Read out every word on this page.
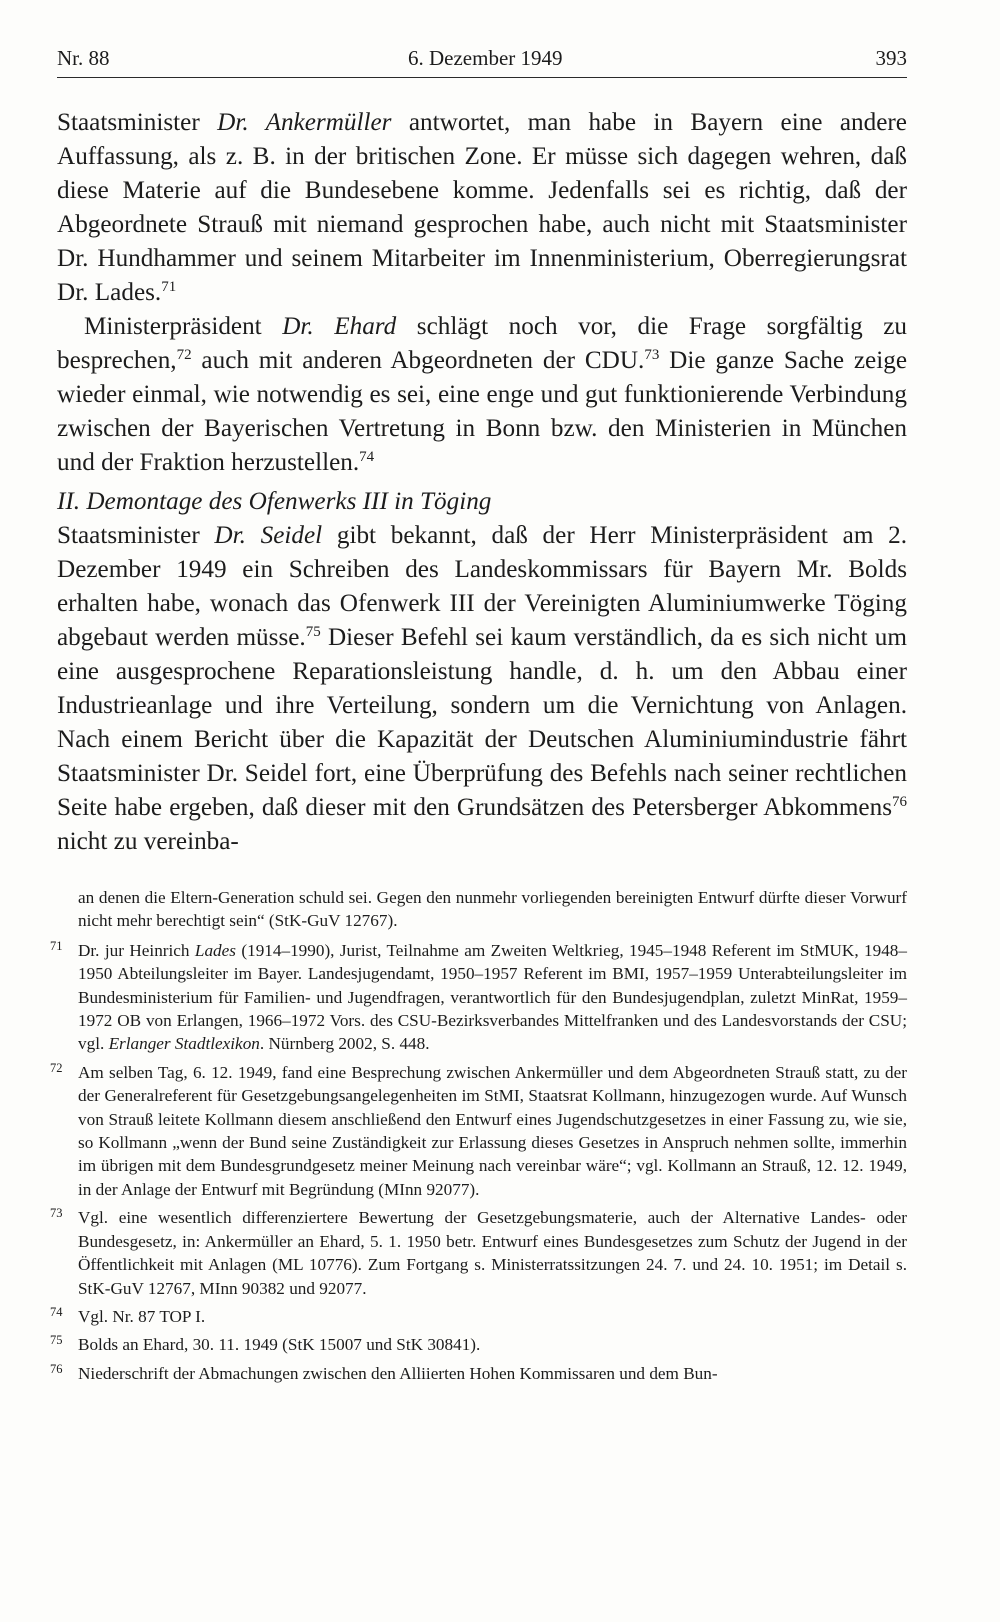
Nr. 88	6. Dezember 1949	393

Staatsminister Dr. Ankermüller antwortet, man habe in Bayern eine andere Auffassung, als z. B. in der britischen Zone. Er müsse sich dagegen wehren, daß diese Materie auf die Bundesebene komme. Jedenfalls sei es richtig, daß der Abgeordnete Strauß mit niemand gesprochen habe, auch nicht mit Staatsminister Dr. Hundhammer und seinem Mitarbeiter im Innenministerium, Oberregierungsrat Dr. Lades.$^{71}$

Ministerpräsident Dr. Ehard schlägt noch vor, die Frage sorgfältig zu besprechen,$^{72}$ auch mit anderen Abgeordneten der CDU.$^{73}$ Die ganze Sache zeige wieder einmal, wie notwendig es sei, eine enge und gut funktionierende Verbindung zwischen der Bayerischen Vertretung in Bonn bzw. den Ministerien in München und der Fraktion herzustellen.$^{74}$

II. Demontage des Ofenwerks III in Töging

Staatsminister Dr. Seidel gibt bekannt, daß der Herr Ministerpräsident am 2. Dezember 1949 ein Schreiben des Landeskommissars für Bayern Mr. Bolds erhalten habe, wonach das Ofenwerk III der Vereinigten Aluminiumwerke Töging abgebaut werden müsse.$^{75}$ Dieser Befehl sei kaum verständlich, da es sich nicht um eine ausgesprochene Reparationsleistung handle, d. h. um den Abbau einer Industrieanlage und ihre Verteilung, sondern um die Vernichtung von Anlagen. Nach einem Bericht über die Kapazität der Deutschen Aluminiumindustrie fährt Staatsminister Dr. Seidel fort, eine Überprüfung des Befehls nach seiner rechtlichen Seite habe ergeben, daß dieser mit den Grundsätzen des Petersberger Abkommens$^{76}$ nicht zu vereinba-

an denen die Eltern-Generation schuld sei. Gegen den nunmehr vorliegenden bereinigten Entwurf dürfte dieser Vorwurf nicht mehr berechtigt sein“ (StK-GuV 12767).
71 Dr. jur Heinrich Lades (1914–1990), Jurist, Teilnahme am Zweiten Weltkrieg, 1945–1948 Referent im StMUK, 1948–1950 Abteilungsleiter im Bayer. Landesjugendamt, 1950–1957 Referent im BMI, 1957–1959 Unterabteilungsleiter im Bundesministerium für Familien- und Jugendfragen, verantwortlich für den Bundesjugendplan, zuletzt MinRat, 1959–1972 OB von Erlangen, 1966–1972 Vors. des CSU-Bezirksverbandes Mittelfranken und des Landesvorstands der CSU; vgl. Erlanger Stadtlexikon. Nürnberg 2002, S. 448.
72 Am selben Tag, 6. 12. 1949, fand eine Besprechung zwischen Ankermüller und dem Abgeordneten Strauß statt, zu der der Generalreferent für Gesetzgebungsangelegenheiten im StMI, Staatsrat Kollmann, hinzugezogen wurde. Auf Wunsch von Strauß leitete Kollmann diesem anschließend den Entwurf eines Jugendschutzgesetzes in einer Fassung zu, wie sie, so Kollmann „wenn der Bund seine Zuständigkeit zur Erlassung dieses Gesetzes in Anspruch nehmen sollte, immerhin im übrigen mit dem Bundesgrundgesetz meiner Meinung nach vereinbar wäre“; vgl. Kollmann an Strauß, 12. 12. 1949, in der Anlage der Entwurf mit Begründung (MInn 92077).
73 Vgl. eine wesentlich differenziertere Bewertung der Gesetzgebungsmaterie, auch der Alternative Landes- oder Bundesgesetz, in: Ankermüller an Ehard, 5. 1. 1950 betr. Entwurf eines Bundesgesetzes zum Schutz der Jugend in der Öffentlichkeit mit Anlagen (ML 10776). Zum Fortgang s. Ministerratssitzungen 24. 7. und 24. 10. 1951; im Detail s. StK-GuV 12767, MInn 90382 und 92077.
74 Vgl. Nr. 87 TOP I.
75 Bolds an Ehard, 30. 11. 1949 (StK 15007 und StK 30841).
76 Niederschrift der Abmachungen zwischen den Alliierten Hohen Kommissaren und dem Bun-
